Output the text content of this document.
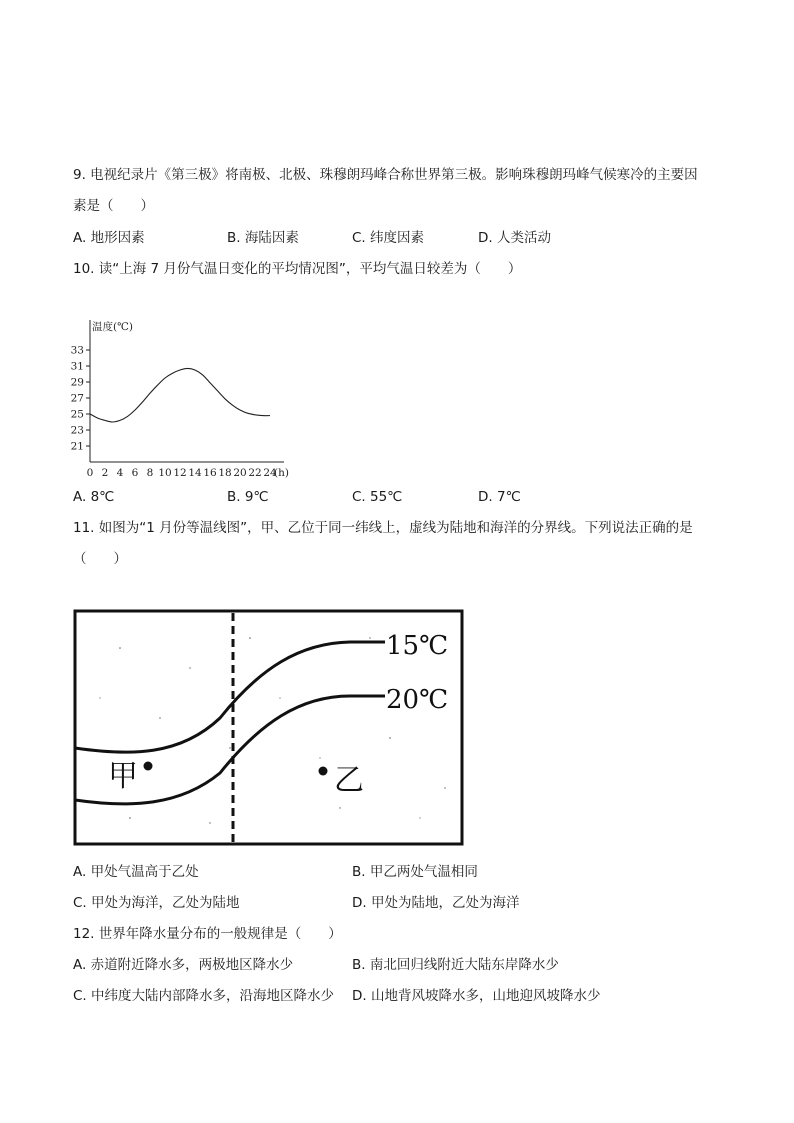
9. 电视纪录片《第三极》将南极、北极、珠穆朗玛峰合称世界第三极。影响珠穆朗玛峰气候寒冷的主要因
素是（　　）
A. 地形因素	B. 海陆因素	C. 纬度因素	D. 人类活动
10. 读“上海 7 月份气温日变化的平均情况图”，平均气温日较差为（　　）
33
31
29
27
25
23
21
0 2 4 6 8 10 12 14 16 18 20 22 24
(h)
温度(℃)
A. 8℃	B. 9℃	C. 55℃	D. 7℃
11. 如图为“1 月份等温线图”，甲、乙位于同一纬线上，虚线为陆地和海洋的分界线。下列说法正确的是
（　　）
15℃
20℃
甲	乙
A. 甲处气温高于乙处	B. 甲乙两处气温相同
C. 甲处为海洋，乙处为陆地	D. 甲处为陆地，乙处为海洋
12. 世界年降水量分布的一般规律是（　　）
A. 赤道附近降水多，两极地区降水少	B. 南北回归线附近大陆东岸降水少
C. 中纬度大陆内部降水多，沿海地区降水少 D. 山地背风坡降水多，山地迎风坡降水少
